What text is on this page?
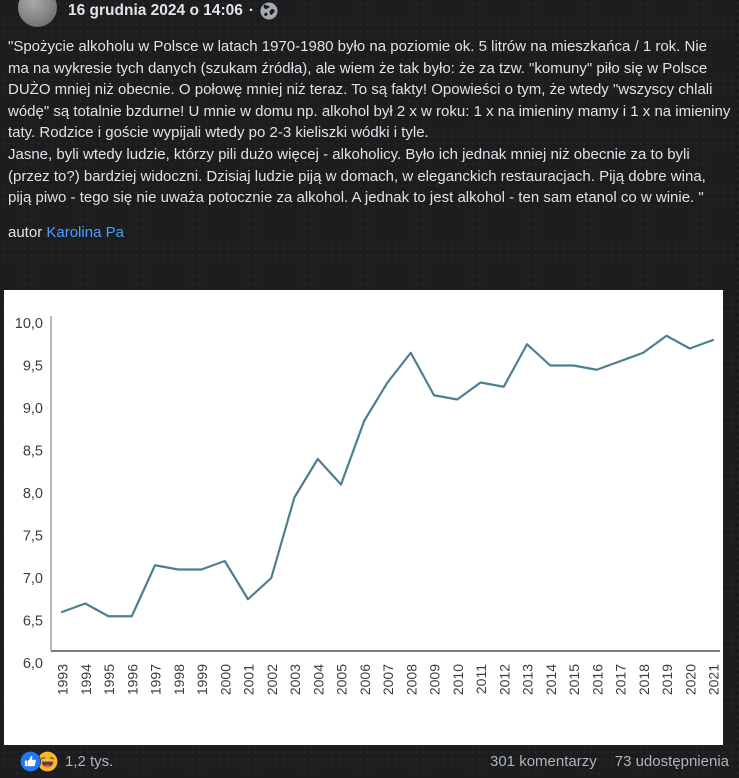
16 grudnia 2024 o 14:06 ·
"Spożycie alkoholu w Polsce w latach 1970-1980 było na poziomie ok. 5 litrów na mieszkańca / 1 rok. Nie ma na wykresie tych danych (szukam źródła), ale wiem że tak było: że za tzw. "komuny" piło się w Polsce DUŻO mniej niż obecnie. O połowę mniej niż teraz. To są fakty! Opowieści o tym, że wtedy "wszyscy chlali wódę" są totalnie bzdurne! U mnie w domu np. alkohol był 2 x w roku: 1 x na imieniny mamy i 1 x na imieniny taty. Rodzice i goście wypijali wtedy po 2-3 kieliszki wódki i tyle.
Jasne, byli wtedy ludzie, którzy pili dużo więcej - alkoholicy. Było ich jednak mniej niż obecnie za to byli (przez to?) bardziej widoczni. Dzisiaj ludzie piją w domach, w eleganckich restauracjach. Piją dobre wina, piją piwo - tego się nie uważa potocznie za alkohol. A jednak to jest alkohol - ten sam etanol co w winie. "
autor Karolina Pa
6,0
6,5
7,0
7,5
8,0
8,5
9,0
9,5
10,0
1993 1994 1995 1996 1997 1998 1999 2000 2001 2002 2003 2004 2005 2006 2007 2008 2009 2010 2011 2012 2013 2014 2015 2016 2017 2018 2019 2020 2021
1,2 tys.	301 komentarzy 73 udostępnienia
